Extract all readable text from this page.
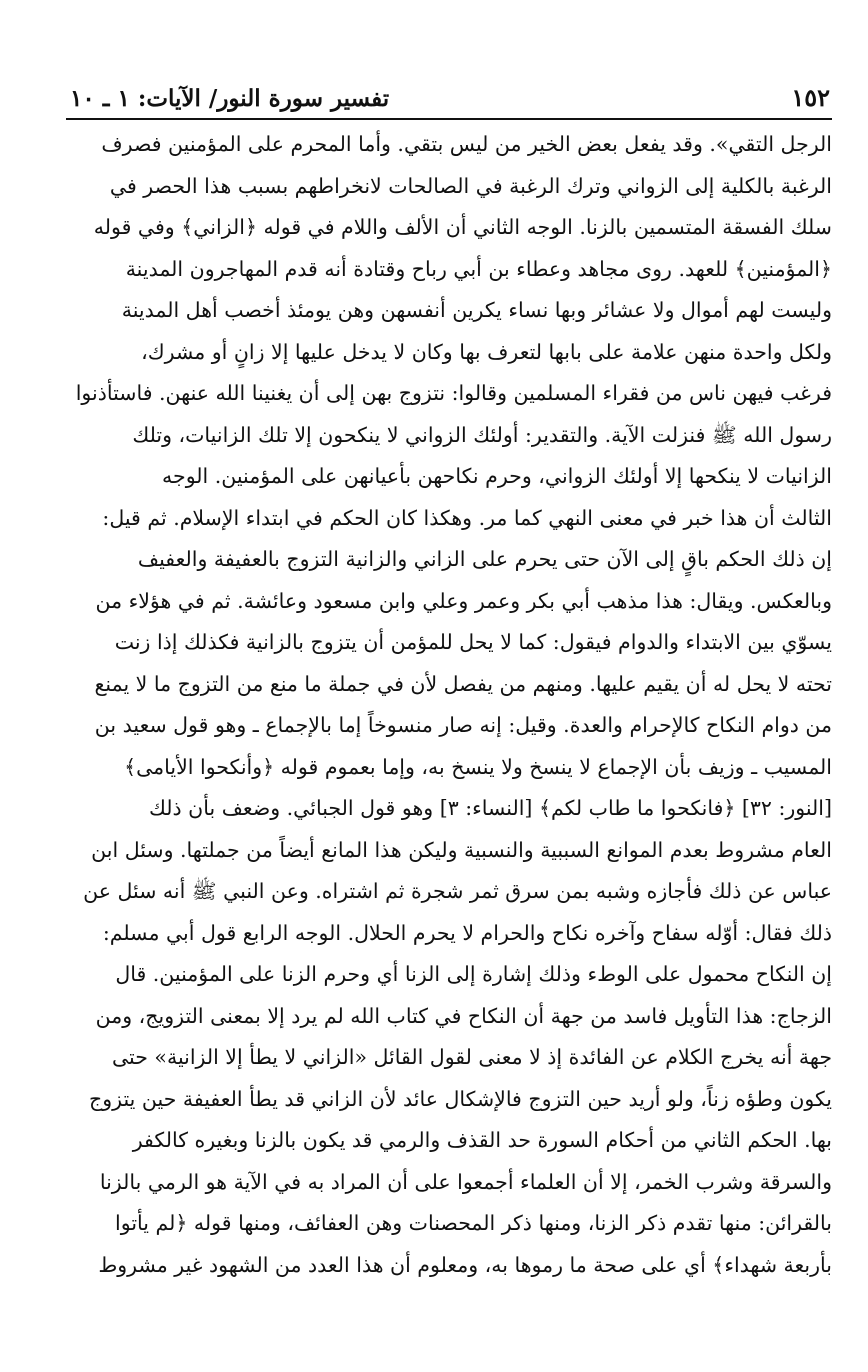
١٥٢
تفسير سورة النور/ الآيات: ١ ـ ١٠
الرجل التقي». وقد يفعل بعض الخير من ليس بتقي. وأما المحرم على المؤمنين فصرف
الرغبة بالكلية إلى الزواني وترك الرغبة في الصالحات لانخراطهم بسبب هذا الحصر في
سلك الفسقة المتسمين بالزنا. الوجه الثاني أن الألف واللام في قوله ﴿الزاني﴾ وفي قوله
﴿المؤمنين﴾ للعهد. روى مجاهد وعطاء بن أبي رباح وقتادة أنه قدم المهاجرون المدينة
وليست لهم أموال ولا عشائر وبها نساء يكرين أنفسهن وهن يومئذ أخصب أهل المدينة
ولكل واحدة منهن علامة على بابها لتعرف بها وكان لا يدخل عليها إلا زانٍ أو مشرك،
فرغب فيهن ناس من فقراء المسلمين وقالوا: نتزوج بهن إلى أن يغنينا الله عنهن. فاستأذنوا
رسول الله ﷺ فنزلت الآية. والتقدير: أولئك الزواني لا ينكحون إلا تلك الزانيات، وتلك
الزانيات لا ينكحها إلا أولئك الزواني، وحرم نكاحهن بأعيانهن على المؤمنين. الوجه
الثالث أن هذا خبر في معنى النهي كما مر. وهكذا كان الحكم في ابتداء الإسلام. ثم قيل:
إن ذلك الحكم باقٍ إلى الآن حتى يحرم على الزاني والزانية التزوج بالعفيفة والعفيف
وبالعكس. ويقال: هذا مذهب أبي بكر وعمر وعلي وابن مسعود وعائشة. ثم في هؤلاء من
يسوّي بين الابتداء والدوام فيقول: كما لا يحل للمؤمن أن يتزوج بالزانية فكذلك إذا زنت
تحته لا يحل له أن يقيم عليها. ومنهم من يفصل لأن في جملة ما منع من التزوج ما لا يمنع
من دوام النكاح كالإحرام والعدة. وقيل: إنه صار منسوخاً إما بالإجماع ـ وهو قول سعيد بن
المسيب ـ وزيف بأن الإجماع لا ينسخ ولا ينسخ به، وإما بعموم قوله ﴿وأنكحوا الأيامى﴾
[النور: ٣٢] ﴿فانكحوا ما طاب لكم﴾ [النساء: ٣] وهو قول الجبائي. وضعف بأن ذلك
العام مشروط بعدم الموانع السببية والنسبية وليكن هذا المانع أيضاً من جملتها. وسئل ابن
عباس عن ذلك فأجازه وشبه بمن سرق ثمر شجرة ثم اشتراه. وعن النبي ﷺ أنه سئل عن
ذلك فقال: أوّله سفاح وآخره نكاح والحرام لا يحرم الحلال. الوجه الرابع قول أبي مسلم:
إن النكاح محمول على الوطء وذلك إشارة إلى الزنا أي وحرم الزنا على المؤمنين. قال
الزجاج: هذا التأويل فاسد من جهة أن النكاح في كتاب الله لم يرد إلا بمعنى التزويج، ومن
جهة أنه يخرج الكلام عن الفائدة إذ لا معنى لقول القائل «الزاني لا يطأ إلا الزانية» حتى
يكون وطؤه زناً، ولو أريد حين التزوج فالإشكال عائد لأن الزاني قد يطأ العفيفة حين يتزوج
بها. الحكم الثاني من أحكام السورة حد القذف والرمي قد يكون بالزنا وبغيره كالكفر
والسرقة وشرب الخمر، إلا أن العلماء أجمعوا على أن المراد به في الآية هو الرمي بالزنا
بالقرائن: منها تقدم ذكر الزنا، ومنها ذكر المحصنات وهن العفائف، ومنها قوله ﴿لم يأتوا
بأربعة شهداء﴾ أي على صحة ما رموها به، ومعلوم أن هذا العدد من الشهود غير مشروط
